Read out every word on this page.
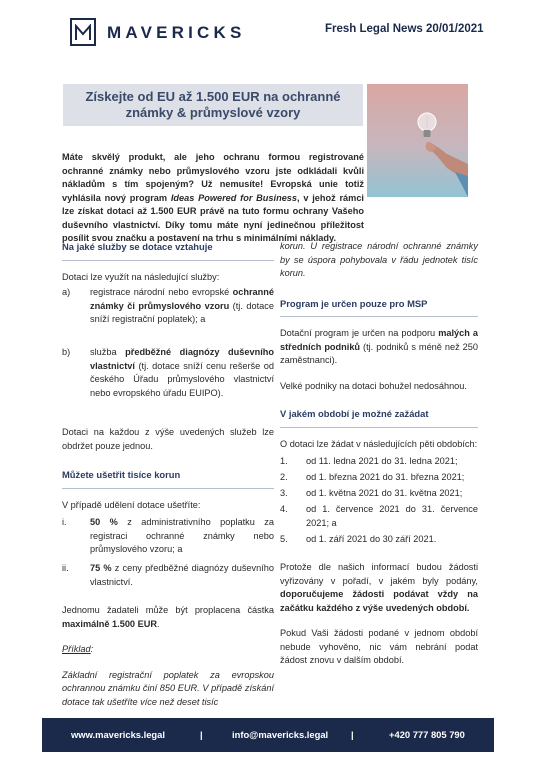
MAVERICKS	Fresh Legal News 20/01/2021
Získejte od EU až 1.500 EUR na ochranné
známky & průmyslové vzory
Máte skvělý produkt, ale jeho ochranu formou registrované ochranné známky nebo průmyslového vzoru jste odkládali kvůli nákladům s tím spojeným? Už nemusíte! Evropská unie totiž vyhlásila nový program Ideas Powered for Business, v jehož rámci lze získat dotaci až 1.500 EUR právě na tuto formu ochrany Vašeho duševního vlastnictví. Díky tomu máte nyní jedinečnou příležitost posílit svou značku a postavení na trhu s minimálními náklady.
Na jaké služby se dotace vztahuje
Dotaci lze využít na následující služby:
a) registrace národní nebo evropské ochranné známky či průmyslového vzoru (tj. dotace sníží registrační poplatek); a
b) služba předběžné diagnózy duševního vlastnictví (tj. dotace sníží cenu rešerše od českého Úřadu průmyslového vlastnictví nebo evropského úřadu EUIPO).
Dotaci na každou z výše uvedených služeb lze obdržet pouze jednou.
Můžete ušetřit tisíce korun
V případě udělení dotace ušetříte:
i.	50 % z administrativního poplatku za registraci ochranné známky nebo průmyslového vzoru; a
ii. 75 % z ceny předběžné diagnózy duševního vlastnictví.
Jednomu žadateli může být proplacena částka maximálně 1.500 EUR.
Příklad:
Základní registrační poplatek za evropskou ochrannou známku činí 850 EUR. V případě získání dotace tak ušetříte více než deset tisíc
korun. U registrace národní ochranné známky by se úspora pohybovala v řádu jednotek tisíc korun.
Program je určen pouze pro MSP
Dotační program je určen na podporu malých a středních podniků (tj. podniků s méně než 250 zaměstnanci).
Velké podniky na dotaci bohužel nedosáhnou.
V jakém období je možné zažádat
O dotaci lze žádat v následujících pěti obdobích:
1. od 11. ledna 2021 do 31. ledna 2021;
2. od 1. března 2021 do 31. března 2021;
3. od 1. května 2021 do 31. května 2021;
4. od 1. července 2021 do 31. července 2021; a
5. od 1. září 2021 do 30 září 2021.
Protože dle našich informací budou žádosti vyřizovány v pořadí, v jakém byly podány, doporučujeme žádosti podávat vždy na začátku každého z výše uvedených období.
Pokud Vaši žádosti podané v jednom období nebude vyhověno, nic vám nebrání podat žádost znovu v dalším období.
www.mavericks.legal	|	info@mavericks.legal |	+420 777 805 790
